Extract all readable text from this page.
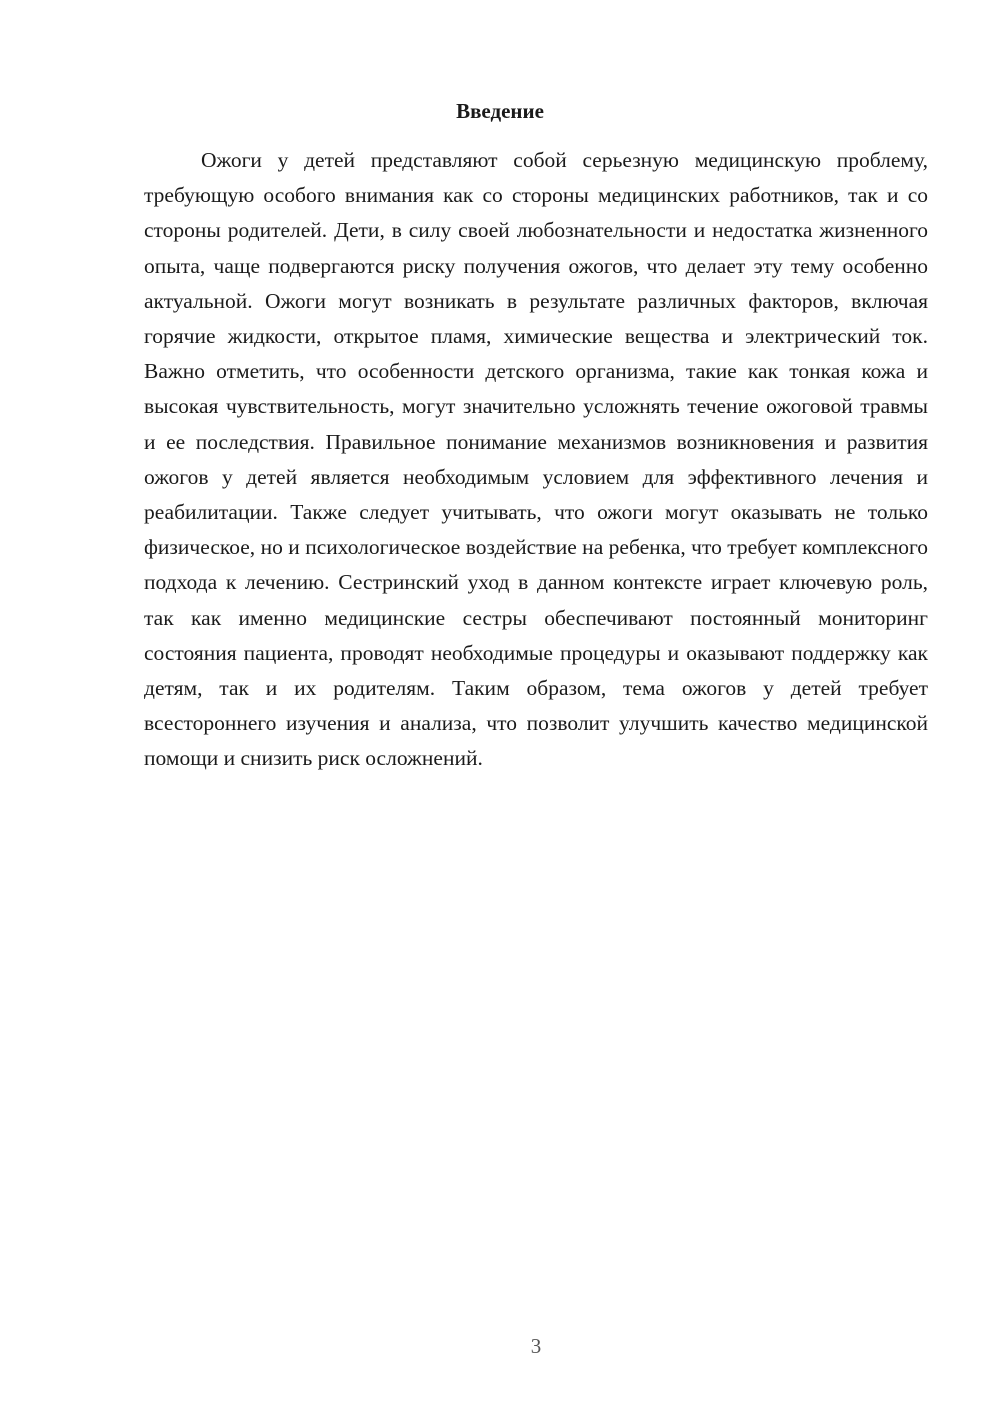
Введение

Ожоги у детей представляют собой серьезную медицинскую проблему, требующую особого внимания как со стороны медицинских работников, так и со стороны родителей. Дети, в силу своей любознательности и недостатка жизненного опыта, чаще подвергаются риску получения ожогов, что делает эту тему особенно актуальной. Ожоги могут возникать в результате различных факторов, включая горячие жидкости, открытое пламя, химические вещества и электрический ток. Важно отметить, что особенности детского организма, такие как тонкая кожа и высокая чувствительность, могут значительно усложнять течение ожоговой травмы и ее последствия. Правильное понимание механизмов возникновения и развития ожогов у детей является необходимым условием для эффективного лечения и реабилитации. Также следует учитывать, что ожоги могут оказывать не только физическое, но и психологическое воздействие на ребенка, что требует комплексного подхода к лечению. Сестринский уход в данном контексте играет ключевую роль, так как именно медицинские сестры обеспечивают постоянный мониторинг состояния пациента, проводят необходимые процедуры и оказывают поддержку как детям, так и их родителям. Таким образом, тема ожогов у детей требует всестороннего изучения и анализа, что позволит улучшить качество медицинской помощи и снизить риск осложнений.

3
